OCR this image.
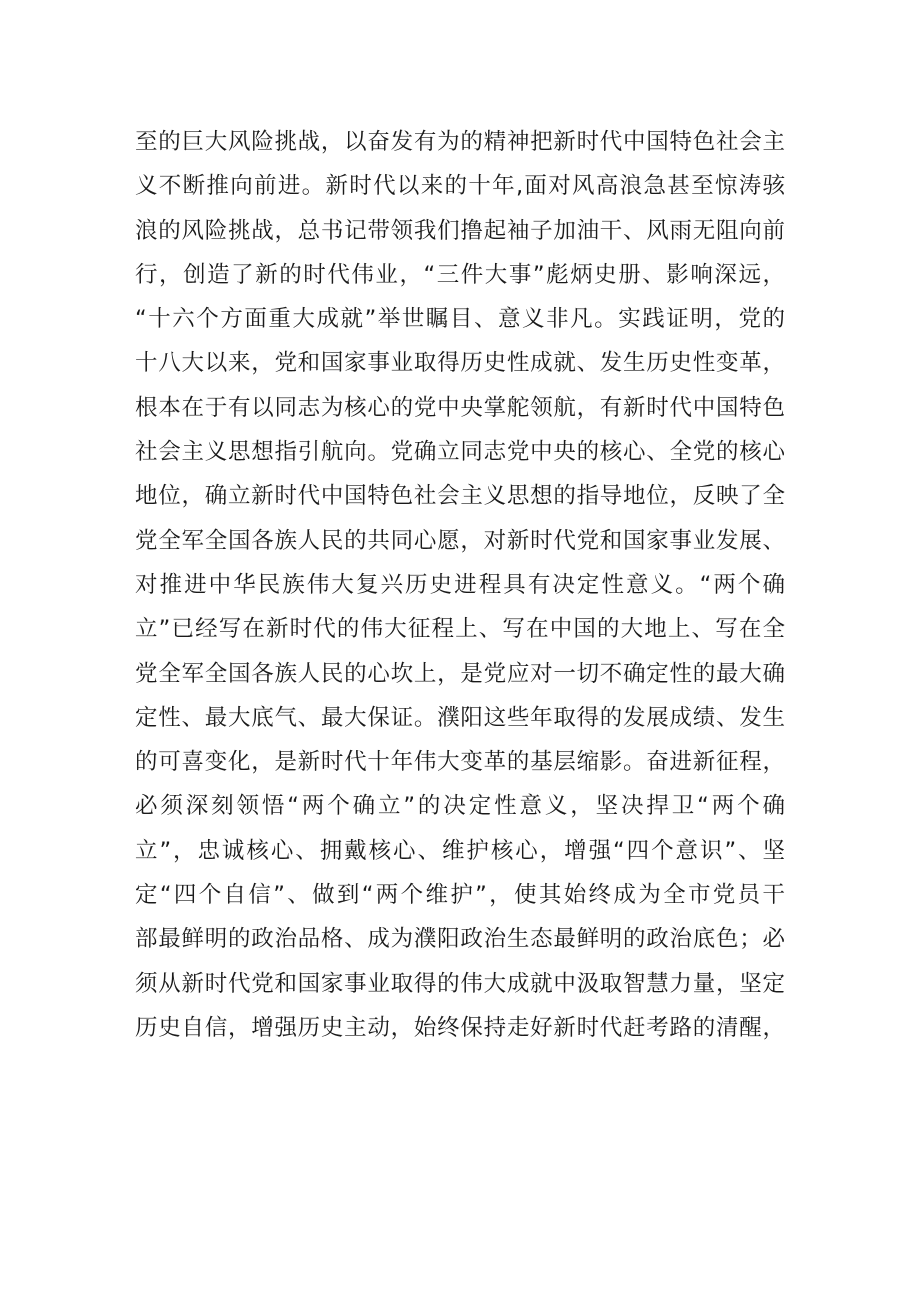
至的巨大风险挑战，以奋发有为的精神把新时代中国特色社会主
义不断推向前进。新时代以来的十年,面对风高浪急甚至惊涛骇
浪的风险挑战，总书记带领我们撸起袖子加油干、风雨无阻向前
行，创造了新的时代伟业，“三件大事”彪炳史册、影响深远，
“十六个方面重大成就”举世瞩目、意义非凡。实践证明，党的
十八大以来，党和国家事业取得历史性成就、发生历史性变革，
根本在于有以同志为核心的党中央掌舵领航，有新时代中国特色
社会主义思想指引航向。党确立同志党中央的核心、全党的核心
地位，确立新时代中国特色社会主义思想的指导地位，反映了全
党全军全国各族人民的共同心愿，对新时代党和国家事业发展、
对推进中华民族伟大复兴历史进程具有决定性意义。“两个确
立”已经写在新时代的伟大征程上、写在中国的大地上、写在全
党全军全国各族人民的心坎上，是党应对一切不确定性的最大确
定性、最大底气、最大保证。濮阳这些年取得的发展成绩、发生
的可喜变化，是新时代十年伟大变革的基层缩影。奋进新征程，
必须深刻领悟“两个确立”的决定性意义，坚决捍卫“两个确
立”，忠诚核心、拥戴核心、维护核心，增强“四个意识”、坚
定“四个自信”、做到“两个维护”，使其始终成为全市党员干
部最鲜明的政治品格、成为濮阳政治生态最鲜明的政治底色；必
须从新时代党和国家事业取得的伟大成就中汲取智慧力量，坚定
历史自信，增强历史主动，始终保持走好新时代赶考路的清醒，
